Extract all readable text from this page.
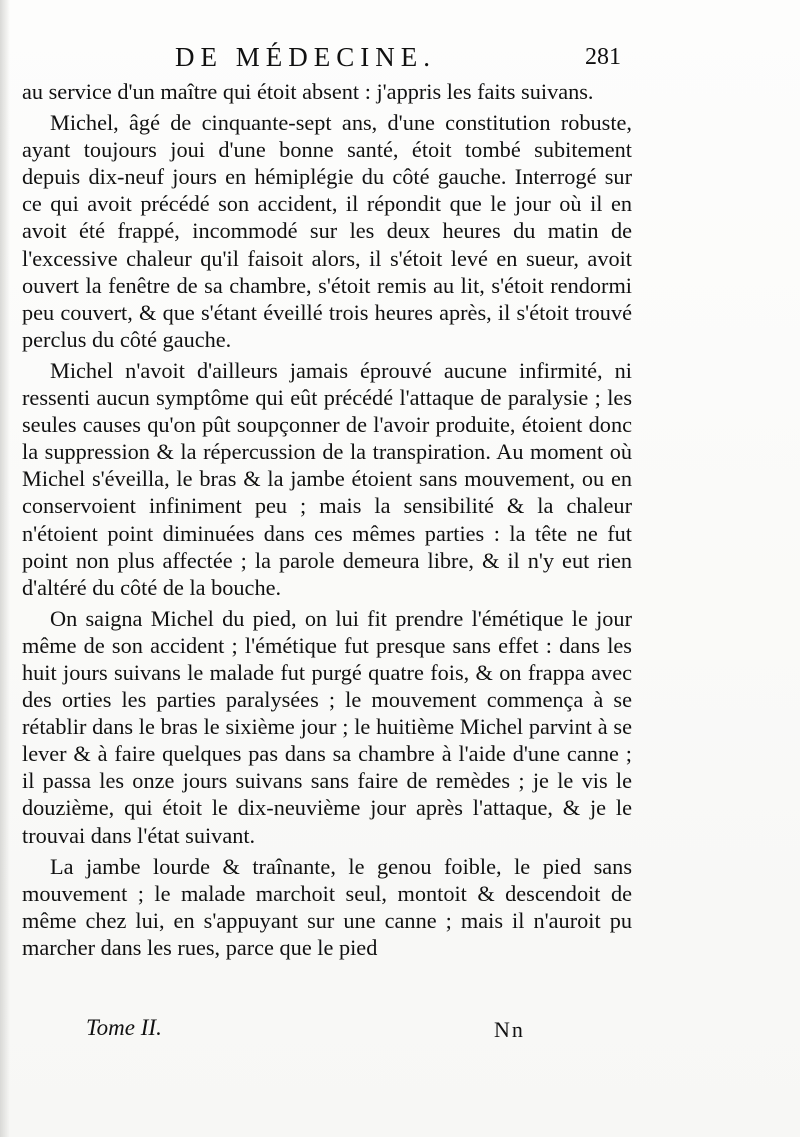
DE MÉDECINE.	281

au service d'un maître qui étoit absent : j'appris les faits suivans.

Michel, âgé de cinquante-sept ans, d'une constitution robuste, ayant toujours joui d'une bonne santé, étoit tombé subitement depuis dix-neuf jours en hémiplégie du côté gauche. Interrogé sur ce qui avoit précédé son accident, il répondit que le jour où il en avoit été frappé, incommodé sur les deux heures du matin de l'excessive chaleur qu'il faisoit alors, il s'étoit levé en sueur, avoit ouvert la fenêtre de sa chambre, s'étoit remis au lit, s'étoit rendormi peu couvert, & que s'étant éveillé trois heures après, il s'étoit trouvé perclus du côté gauche.

Michel n'avoit d'ailleurs jamais éprouvé aucune infirmité, ni ressenti aucun symptôme qui eût précédé l'attaque de paralysie ; les seules causes qu'on pût soupçonner de l'avoir produite, étoient donc la suppression & la répercussion de la transpiration. Au moment où Michel s'éveilla, le bras & la jambe étoient sans mouvement, ou en conservoient infiniment peu ; mais la sensibilité & la chaleur n'étoient point diminuées dans ces mêmes parties : la tête ne fut point non plus affectée ; la parole demeura libre, & il n'y eut rien d'altéré du côté de la bouche.

On saigna Michel du pied, on lui fit prendre l'émétique le jour même de son accident ; l'émétique fut presque sans effet : dans les huit jours suivans le malade fut purgé quatre fois, & on frappa avec des orties les parties paralysées ; le mouvement commença à se rétablir dans le bras le sixième jour ; le huitième Michel parvint à se lever & à faire quelques pas dans sa chambre à l'aide d'une canne ; il passa les onze jours suivans sans faire de remèdes ; je le vis le douzième, qui étoit le dix-neuvième jour après l'attaque, & je le trouvai dans l'état suivant.

La jambe lourde & traînante, le genou foible, le pied sans mouvement ; le malade marchoit seul, montoit & descendoit de même chez lui, en s'appuyant sur une canne ; mais il n'auroit pu marcher dans les rues, parce que le pied

Tome II.	Nn
